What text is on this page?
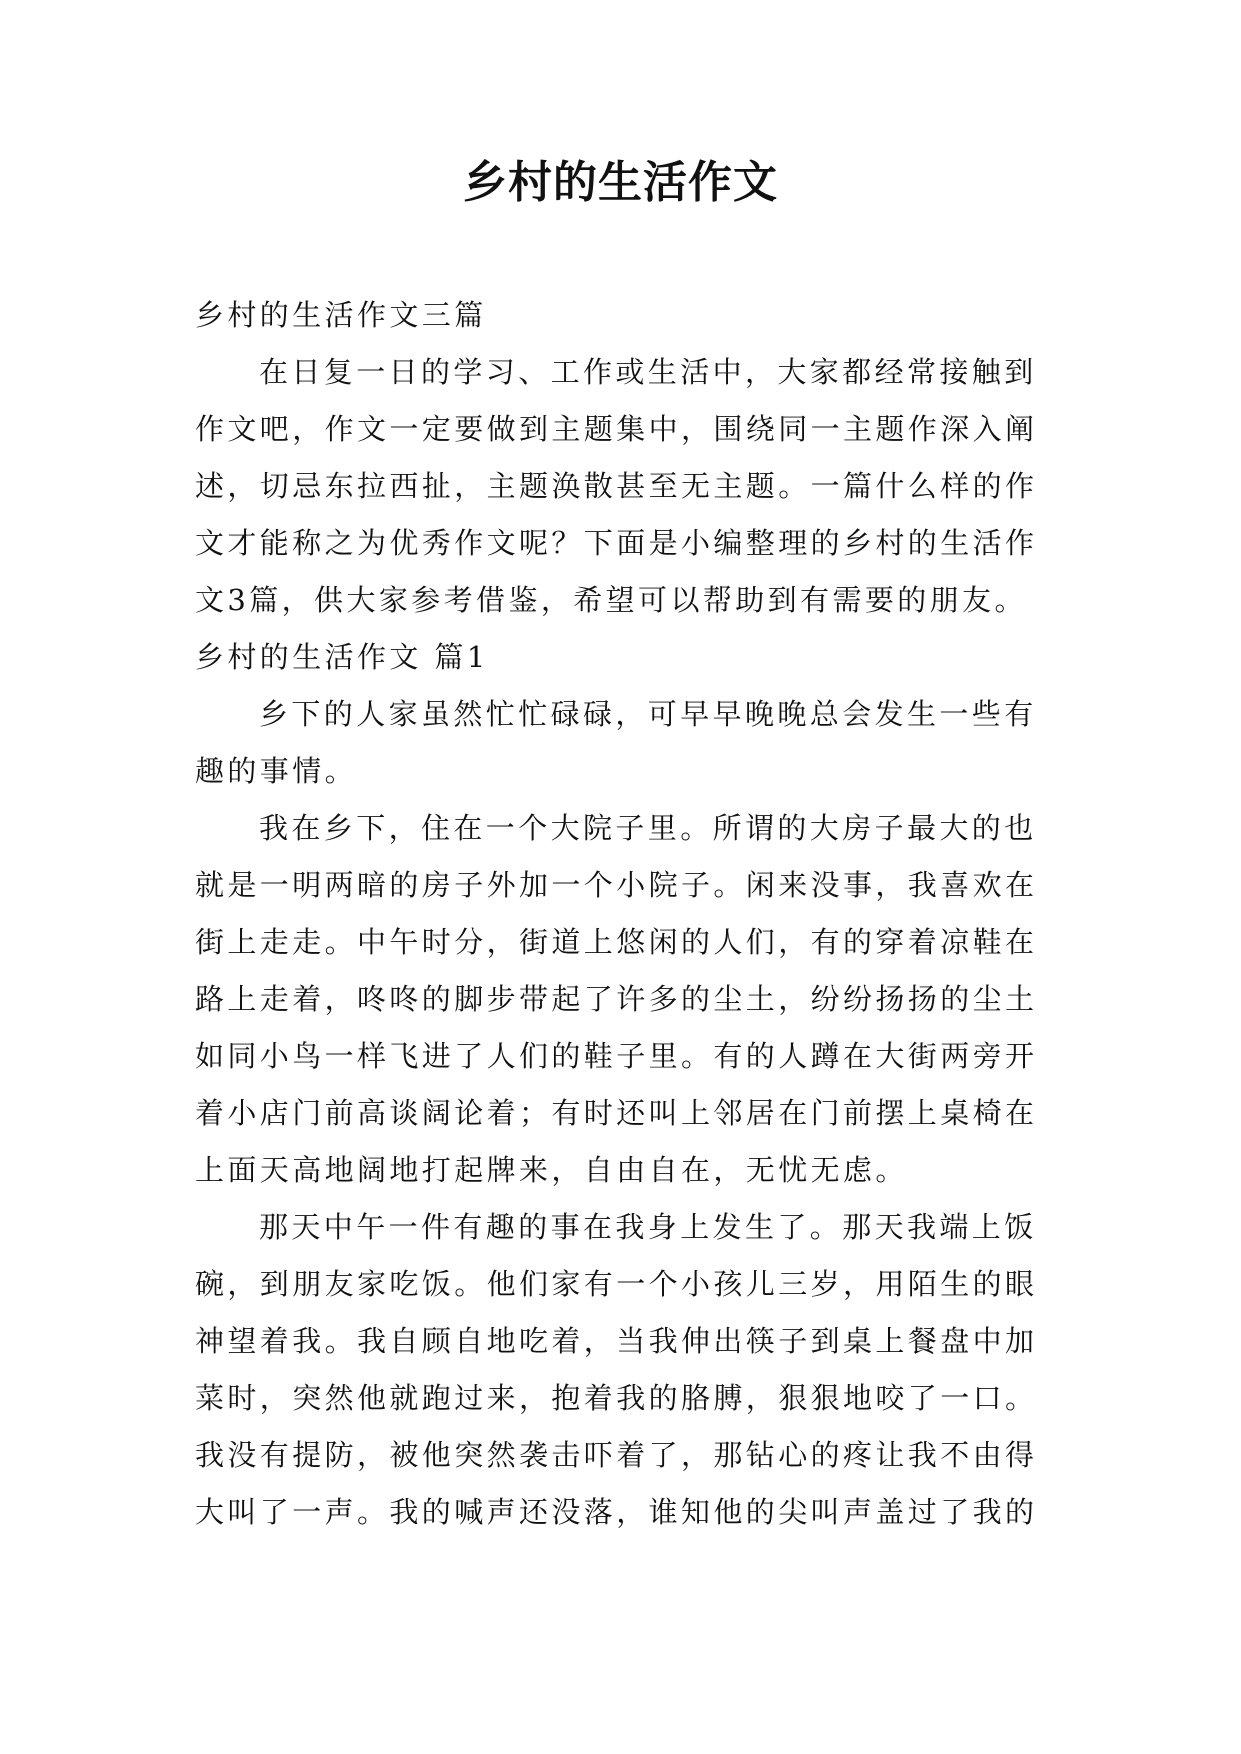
乡村的生活作文

乡村的生活作文三篇

在日复一日的学习、工作或生活中，大家都经常接触到作文吧，作文一定要做到主题集中，围绕同一主题作深入阐述，切忌东拉西扯，主题涣散甚至无主题。一篇什么样的作文才能称之为优秀作文呢？下面是小编整理的乡村的生活作文3篇，供大家参考借鉴，希望可以帮助到有需要的朋友。

乡村的生活作文 篇1

乡下的人家虽然忙忙碌碌，可早早晚晚总会发生一些有趣的事情。

我在乡下，住在一个大院子里。所谓的大房子最大的也就是一明两暗的房子外加一个小院子。闲来没事，我喜欢在街上走走。中午时分，街道上悠闲的人们，有的穿着凉鞋在路上走着，咚咚的脚步带起了许多的尘土，纷纷扬扬的尘土如同小鸟一样飞进了人们的鞋子里。有的人蹲在大街两旁开着小店门前高谈阔论着；有时还叫上邻居在门前摆上桌椅在上面天高地阔地打起牌来，自由自在，无忧无虑。

那天中午一件有趣的事在我身上发生了。那天我端上饭碗，到朋友家吃饭。他们家有一个小孩儿三岁，用陌生的眼神望着我。我自顾自地吃着，当我伸出筷子到桌上餐盘中加菜时，突然他就跑过来，抱着我的胳膊，狠狠地咬了一口。我没有提防，被他突然袭击吓着了，那钻心的疼让我不由得大叫了一声。我的喊声还没落，谁知他的尖叫声盖过了我的
